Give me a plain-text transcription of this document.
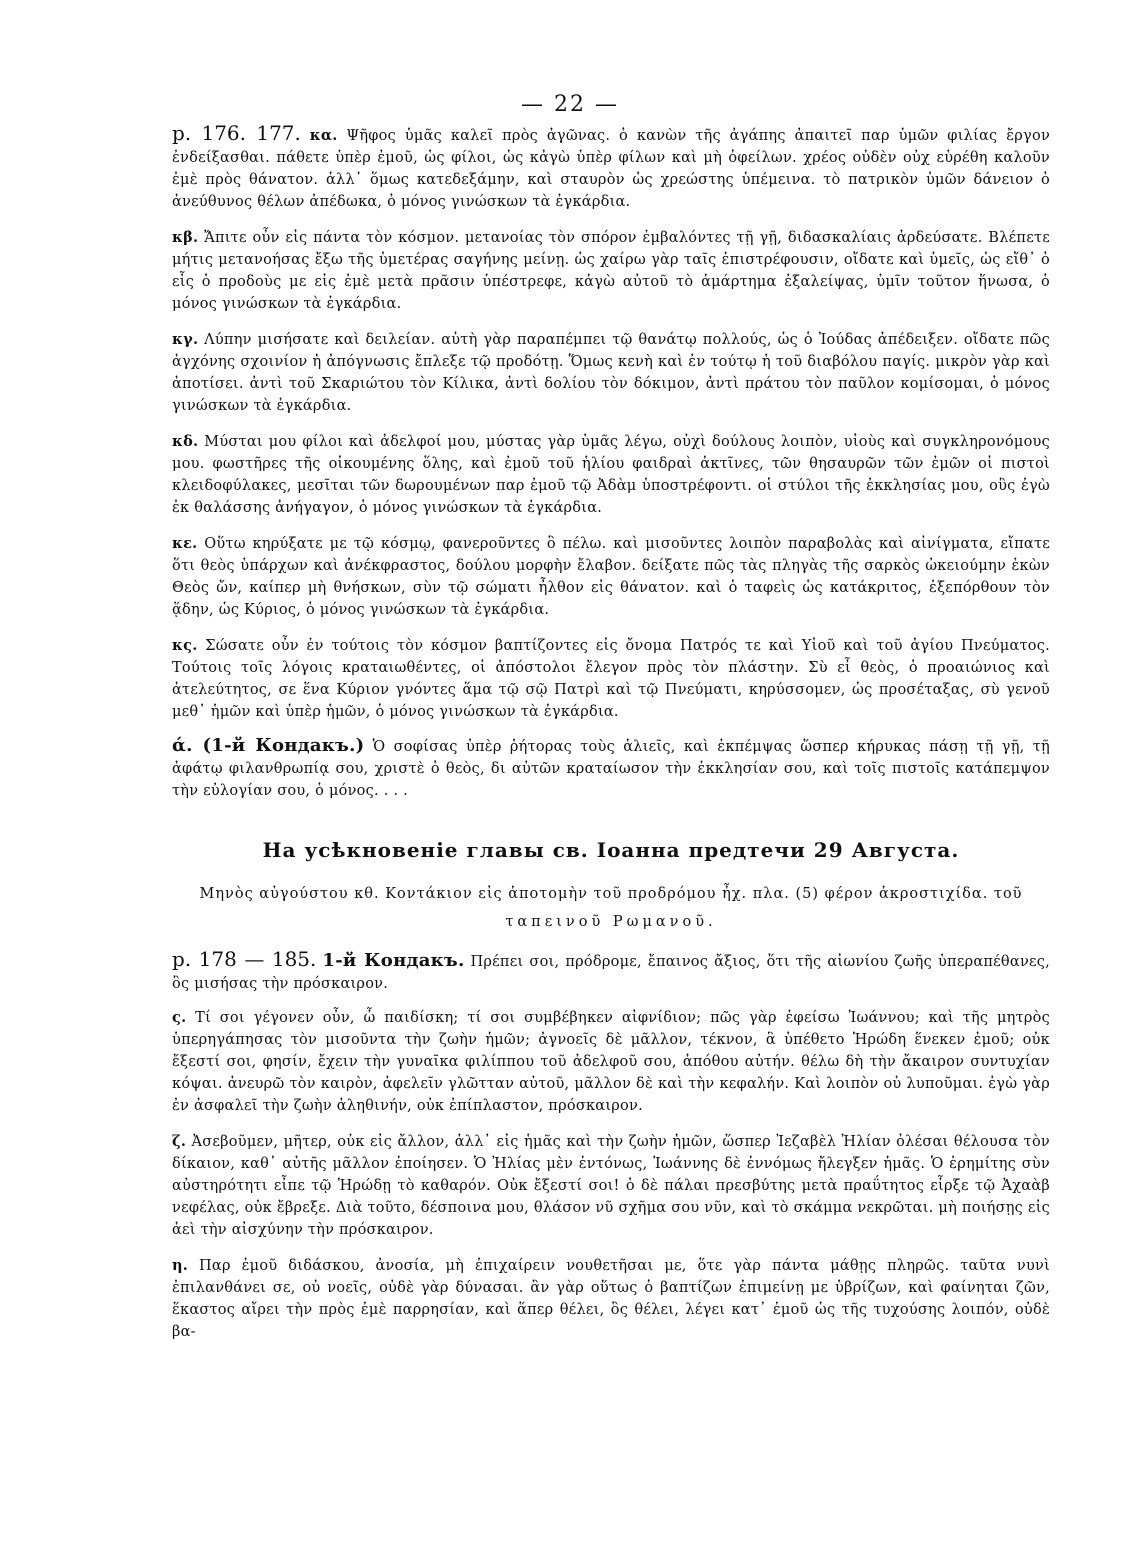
— 22 —

p. 176. 177. κα. Ψῆφος ὑμᾶς καλεῖ πρὸς ἀγῶνας. ὁ κανὼν τῆς ἀγάπης ἀπαιτεῖ παρ ὑμῶν φιλίας ἔργον ἐνδείξασθαι. πάθετε ὑπὲρ ἐμοῦ, ὡς φίλοι, ὡς κἀγὼ ὑπὲρ φίλων καὶ μὴ ὀφείλων. χρέος οὐδὲν οὐχ εὑρέθη καλοῦν ἐμὲ πρὸς θάνατον. ἀλλ᾽ ὅμως κατεδεξάμην, καὶ σταυρὸν ὡς χρεώστης ὑπέμεινα. τὸ πατρικὸν ὑμῶν δάνειον ὁ ἀνεύθυνος θέλων ἀπέδωκα, ὁ μόνος γινώσκων τὰ ἐγκάρδια.

κβ. Ἄπιτε οὖν εἰς πάντα τὸν κόσμον. μετανοίας τὸν σπόρον ἐμβαλόντες τῇ γῇ, διδασκαλίαις ἀρδεύσατε. Βλέπετε μήτις μετανοήσας ἔξω τῆς ὑμετέρας σαγήνης μείνῃ. ὡς χαίρω γὰρ ταῖς ἐπιστρέφουσιν, οἴδατε καὶ ὑμεῖς, ὡς εἴθ᾽ ὁ εἷς ὁ προδοὺς με εἰς ἐμὲ μετὰ πρᾶσιν ὑπέστρεφε, κἀγὼ αὐτοῦ τὸ ἁμάρτημα ἐξαλείψας, ὑμῖν τοῦτον ἥνωσα, ὁ μόνος γινώσκων τὰ ἐγκάρδια.

κγ. Λύπην μισήσατε καὶ δειλείαν. αὐτὴ γὰρ παραπέμπει τῷ θανάτῳ πολλούς, ὡς ὁ Ἰούδας ἀπέδειξεν. οἴδατε πῶς ἀγχόνης σχοινίον ἡ ἀπόγνωσις ἔπλεξε τῷ προδότῃ. Ὅμως κενὴ καὶ ἐν τούτῳ ἡ τοῦ διαβόλου παγίς. μικρὸν γὰρ καὶ ἀποτίσει. ἀντὶ τοῦ Σκαριώτου τὸν Κίλικα, ἀντὶ δολίου τὸν δόκιμον, ἀντὶ πράτου τὸν παῦλον κομίσομαι, ὁ μόνος γινώσκων τὰ ἐγκάρδια.

κδ. Μύσται μου φίλοι καὶ ἀδελφοί μου, μύστας γὰρ ὑμᾶς λέγω, οὐχὶ δούλους λοιπὸν, υἱοὺς καὶ συγκληρονόμους μου. φωστῆρες τῆς οἰκουμένης ὅλης, καὶ ἐμοῦ τοῦ ἡλίου φαιδραὶ ἀκτῖνες, τῶν θησαυρῶν τῶν ἐμῶν οἱ πιστοὶ κλειδοφύλακες, μεσῖται τῶν δωρουμένων παρ ἐμοῦ τῷ Ἀδὰμ ὑποστρέφοντι. οἱ στύλοι τῆς ἐκκλησίας μου, οὓς ἐγὼ ἐκ θαλάσσης ἀνήγαγον, ὁ μόνος γινώσκων τὰ ἐγκάρδια.

κε. Οὕτω κηρύξατε με τῷ κόσμῳ, φανεροῦντες ὃ πέλω. καὶ μισοῦντες λοιπὸν παραβολὰς καὶ αἰνίγματα, εἴπατε ὅτι θεὸς ὑπάρχων καὶ ἀνέκφραστος, δούλου μορφὴν ἔλαβον. δείξατε πῶς τὰς πληγὰς τῆς σαρκὸς ὠκειούμην ἑκὼν Θεὸς ὤν, καίπερ μὴ θνήσκων, σὺν τῷ σώματι ἦλθον εἰς θάνατον. καὶ ὁ ταφεὶς ὡς κατάκριτος, ἐξεπόρθουν τὸν ᾅδην, ὡς Κύριος, ὁ μόνος γινώσκων τὰ ἐγκάρδια.

κς. Σώσατε οὖν ἐν τούτοις τὸν κόσμον βαπτίζοντες εἰς ὄνομα Πατρός τε καὶ Υἱοῦ καὶ τοῦ ἁγίου Πνεύματος. Τούτοις τοῖς λόγοις κραταιωθέντες, οἱ ἀπόστολοι ἔλεγον πρὸς τὸν πλάστην. Σὺ εἶ θεὸς, ὁ προαιώνιος καὶ ἀτελεύτητος, σε ἕνα Κύριον γνόντες ἅμα τῷ σῷ Πατρὶ καὶ τῷ Πνεύματι, κηρύσσομεν, ὡς προσέταξας, σὺ γενοῦ μεθ᾽ ἡμῶν καὶ ὑπὲρ ἡμῶν, ὁ μόνος γινώσκων τὰ ἐγκάρδια.

ά. (1-й Кондакъ.) Ὁ σοφίσας ὑπὲρ ῥήτορας τοὺς ἁλιεῖς, καὶ ἐκπέμψας ὥσπερ κήρυκας πάσῃ τῇ γῇ, τῇ ἀφάτῳ φιλανθρωπίᾳ σου, χριστὲ ὁ θεὸς, δι αὐτῶν κραταίωσον τὴν ἐκκλησίαν σου, καὶ τοῖς πιστοῖς κατάπεμψον τὴν εὐλογίαν σου, ὁ μόνος. . . .

На усѣкновеніе главы св. Іоанна предтечи 29 Августа.
Μηνὸς αὐγούστου κθ. Κοντάκιον εἰς ἀποτομὴν τοῦ προδρόμου ἦχ. πλα. (5) φέρον ἀκροστιχίδα. τοῦ
ταπεινοῦ Ρωμανοῦ.

p. 178 — 185. 1-й Кондакъ. Πρέπει σοι, πρόδρομε, ἔπαινος ἄξιος, ὅτι τῆς αἰωνίου ζωῆς ὑπεραπέθανες, ὃς μισήσας τὴν πρόσκαιρον.

ς. Τί σοι γέγονεν οὖν, ὦ παιδίσκη; τί σοι συμβέβηκεν αἰφνίδιον; πῶς γὰρ ἐφείσω Ἰωάννου; καὶ τῆς μητρὸς ὑπερηγάπησας τὸν μισοῦντα τὴν ζωὴν ἡμῶν; ἀγνοεῖς δὲ μᾶλλον, τέκνον, ἃ ὑπέθετο Ἡρώδη ἕνεκεν ἐμοῦ; οὐκ ἔξεστί σοι, φησίν, ἔχειν τὴν γυναῖκα φιλίππου τοῦ ἀδελφοῦ σου, ἀπόθου αὐτήν. θέλω δὴ τὴν ἄκαιρον συντυχίαν κόψαι. ἀνευρῶ τὸν καιρὸν, ἀφελεῖν γλῶτταν αὐτοῦ, μᾶλλον δὲ καὶ τὴν κεφαλήν. Καὶ λοιπὸν οὐ λυποῦμαι. ἐγὼ γὰρ ἐν ἀσφαλεῖ τὴν ζωὴν ἀληθινήν, οὐκ ἐπίπλαστον, πρόσκαιρον.

ζ. Ἀσεβοῦμεν, μῆτερ, οὐκ εἰς ἄλλον, ἀλλ᾽ εἰς ἡμᾶς καὶ τὴν ζωὴν ἡμῶν, ὥσπερ Ἰεζαβὲλ Ἠλίαν ὀλέσαι θέλουσα τὸν δίκαιον, καθ᾽ αὐτῆς μᾶλλον ἐποίησεν. Ὁ Ἠλίας μὲν ἐντόνως, Ἰωάννης δὲ ἐννόμως ἤλεγξεν ἡμᾶς. Ὁ ἐρημίτης σὺν αὐστηρότητι εἶπε τῷ Ἡρώδῃ τὸ καθαρόν. Οὐκ ἔξεστί σοι! ὁ δὲ πάλαι πρεσβύτης μετὰ πραΰτητος εἶρξε τῷ Ἀχαὰβ νεφέλας, οὐκ ἔβρεξε. Διὰ τοῦτο, δέσποινα μου, θλάσον νῦ σχῆμα σου νῦν, καὶ τὸ σκάμμα νεκρῶται. μὴ ποιήσῃς εἰς ἀεὶ τὴν αἰσχύνην τὴν πρόσκαιρον.

η. Παρ ἐμοῦ διδάσκου, ἀνοσία, μὴ ἐπιχαίρειν νουθετῆσαι με, ὅτε γὰρ πάντα μάθῃς πληρῶς. ταῦτα νυνὶ ἐπιλανθάνει σε, οὐ νοεῖς, οὐδὲ γὰρ δύνασαι. ἂν γὰρ οὕτως ὁ βαπτίζων ἐπιμείνῃ με ὑβρίζων, καὶ φαίνηται ζῶν, ἕκαστος αἴρει τὴν πρὸς ἐμὲ παρρησίαν, καὶ ἅπερ θέλει, ὃς θέλει, λέγει κατ᾽ ἐμοῦ ὡς τῆς τυχούσης λοιπόν, οὐδὲ βα-
